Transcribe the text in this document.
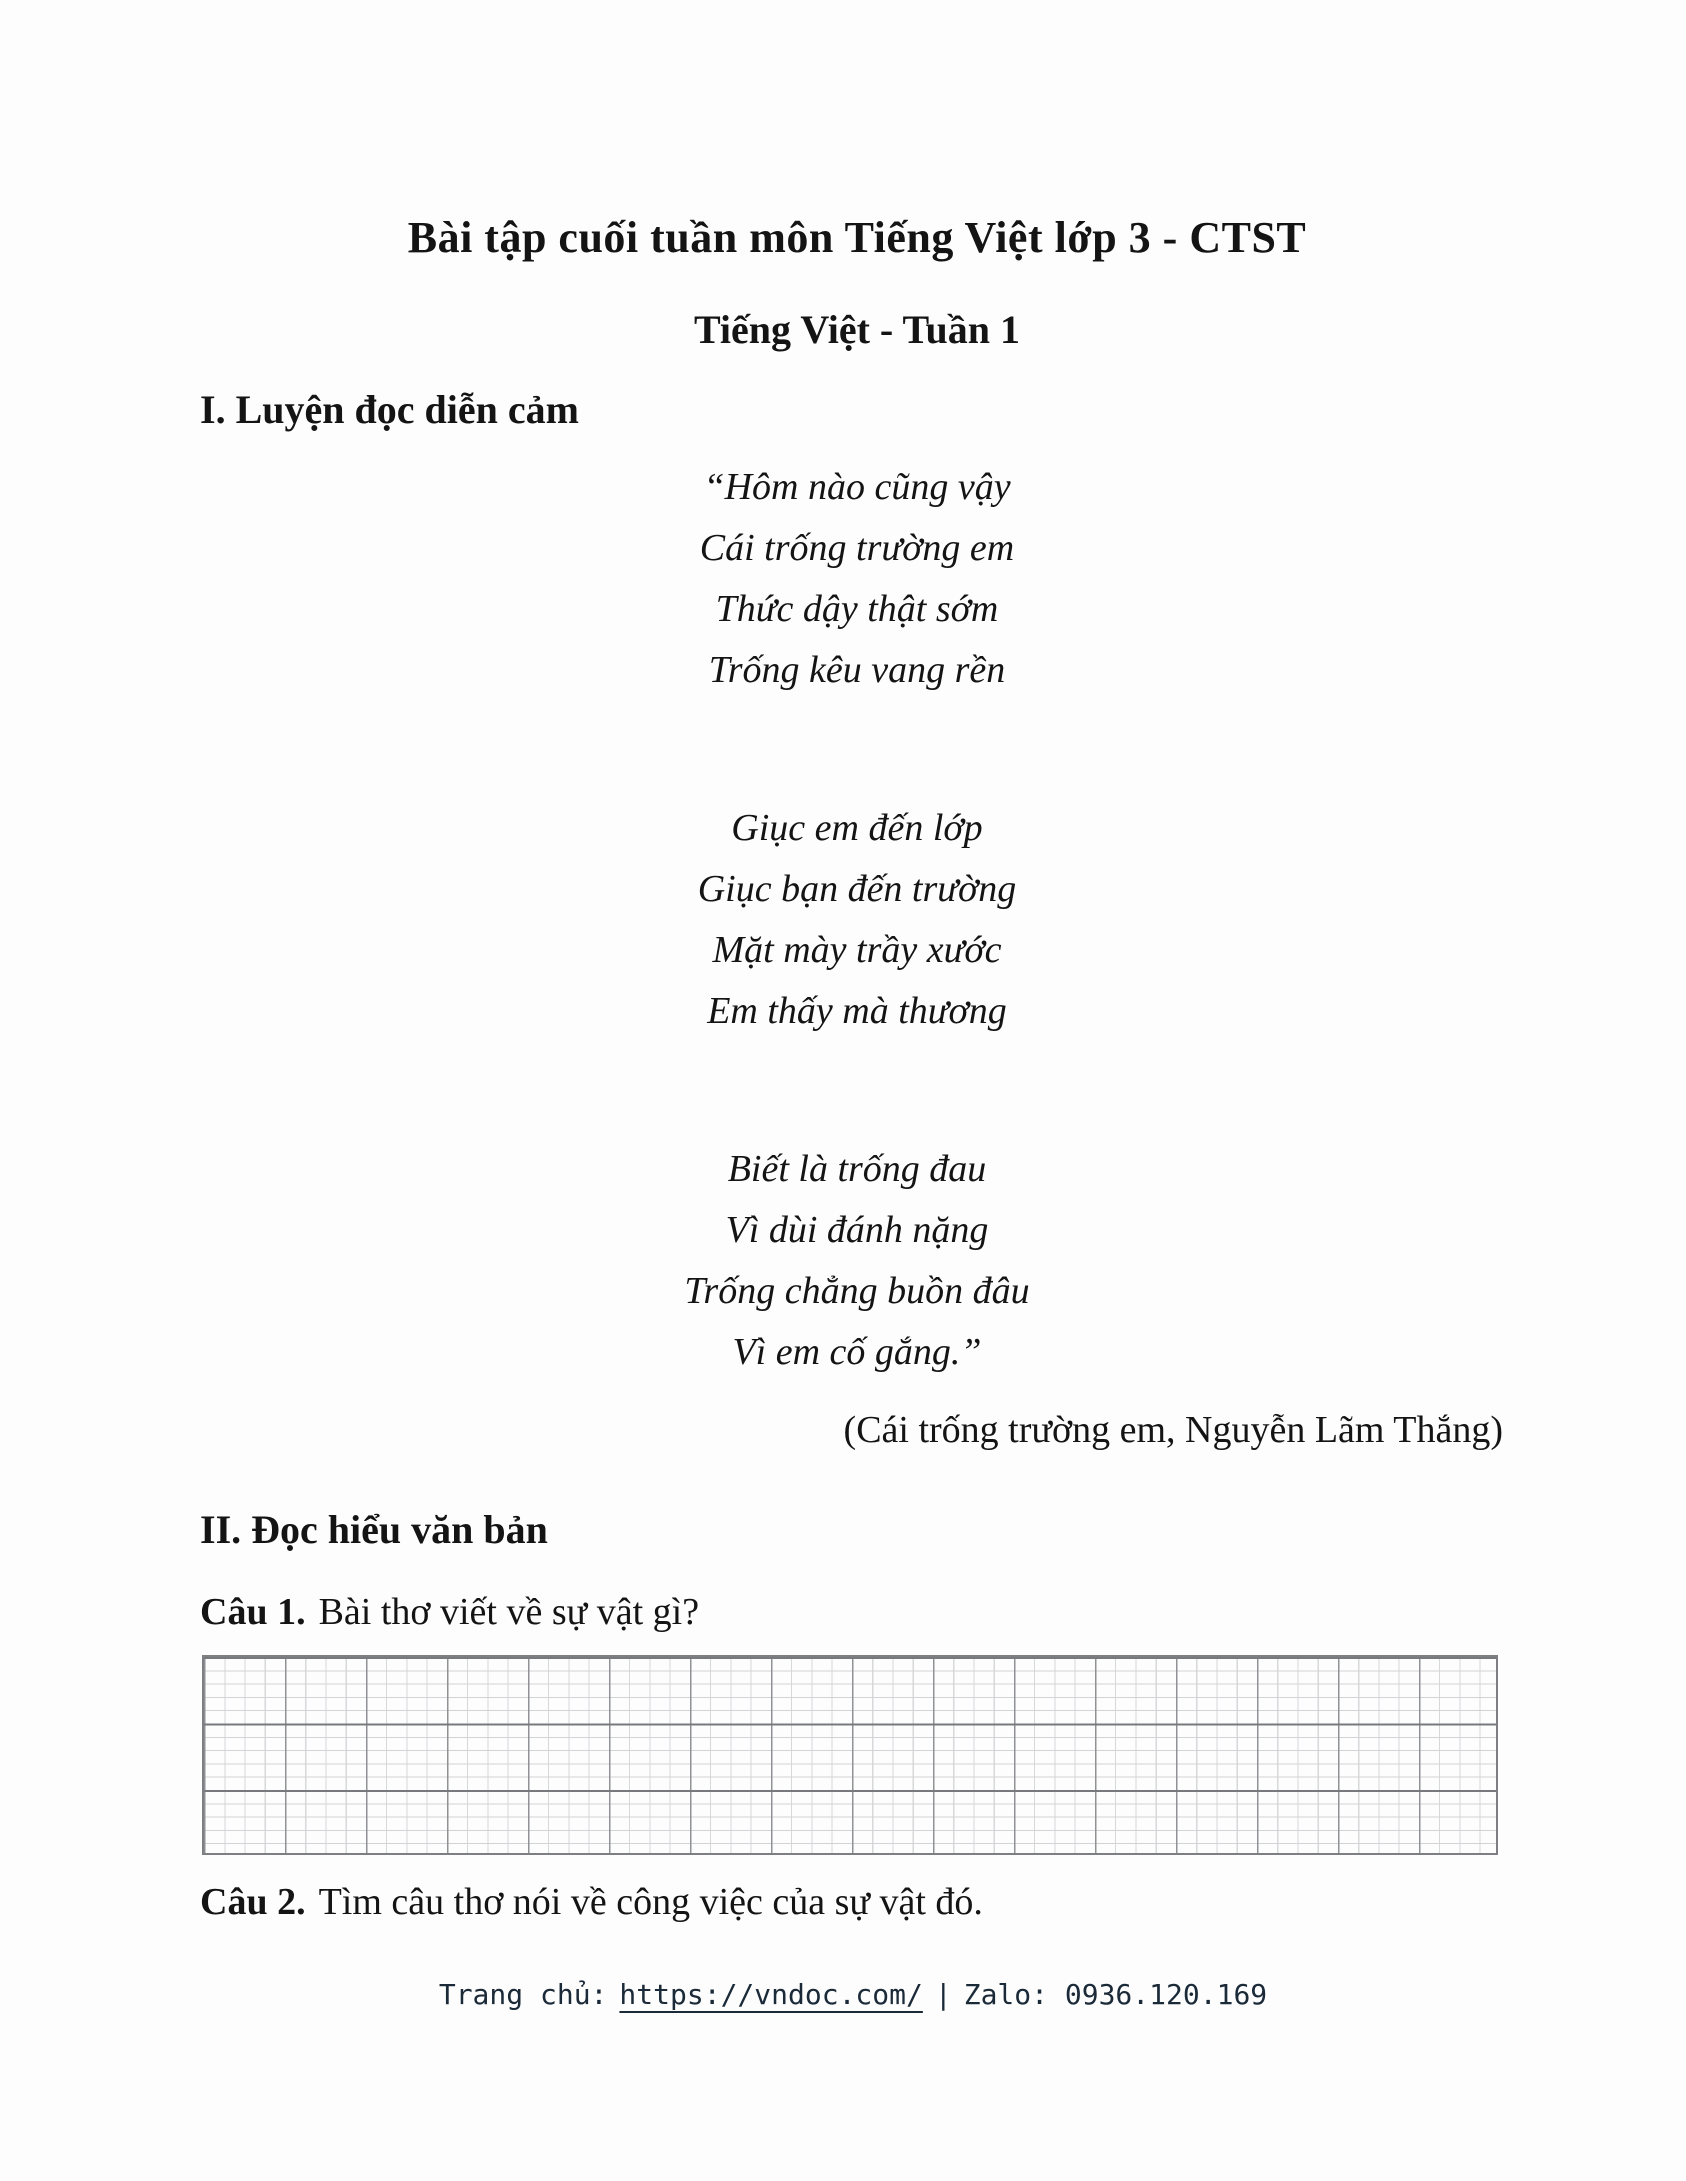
Bài tập cuối tuần môn Tiếng Việt lớp 3 - CTST
Tiếng Việt - Tuần 1
I. Luyện đọc diễn cảm
“Hôm nào cũng vậy
Cái trống trường em
Thức dậy thật sớm
Trống kêu vang rền
Giục em đến lớp
Giục bạn đến trường
Mặt mày trầy xước
Em thấy mà thương
Biết là trống đau
Vì dùi đánh nặng
Trống chẳng buồn đâu
Vì em cố gắng.”
(Cái trống trường em, Nguyễn Lãm Thắng)
II. Đọc hiểu văn bản
Câu 1. Bài thơ viết về sự vật gì?
Câu 2. Tìm câu thơ nói về công việc của sự vật đó.
Trang chủ: https://vndoc.com/ | Zalo: 0936.120.169
